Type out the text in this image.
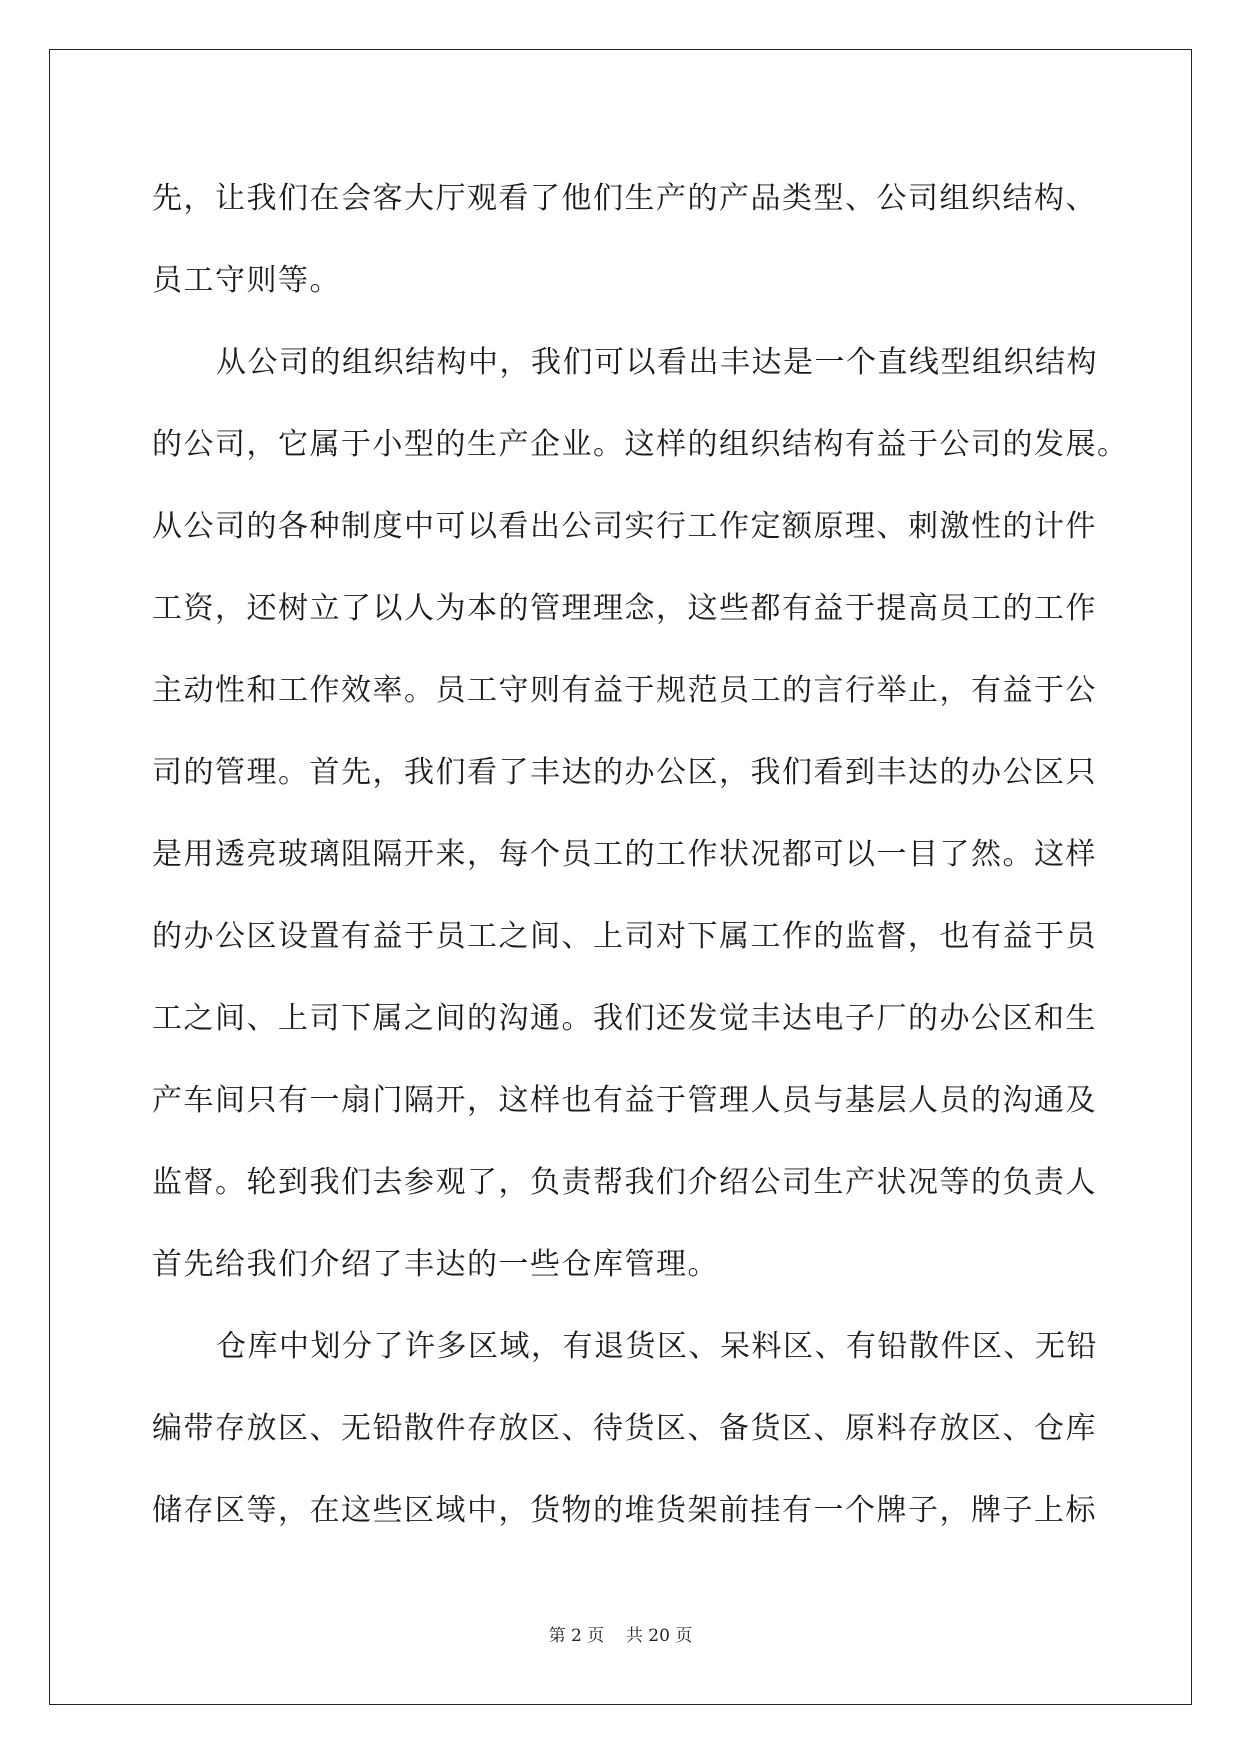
先，让我们在会客大厅观看了他们生产的产品类型、公司组织结构、

员工守则等。

从公司的组织结构中，我们可以看出丰达是一个直线型组织结构

的公司，它属于小型的生产企业。这样的组织结构有益于公司的发展。

从公司的各种制度中可以看出公司实行工作定额原理、刺激性的计件

工资，还树立了以人为本的管理理念，这些都有益于提高员工的工作

主动性和工作效率。员工守则有益于规范员工的言行举止，有益于公

司的管理。首先，我们看了丰达的办公区，我们看到丰达的办公区只

是用透亮玻璃阻隔开来，每个员工的工作状况都可以一目了然。这样

的办公区设置有益于员工之间、上司对下属工作的监督，也有益于员

工之间、上司下属之间的沟通。我们还发觉丰达电子厂的办公区和生

产车间只有一扇门隔开，这样也有益于管理人员与基层人员的沟通及

监督。轮到我们去参观了，负责帮我们介绍公司生产状况等的负责人

首先给我们介绍了丰达的一些仓库管理。

仓库中划分了许多区域，有退货区、呆料区、有铅散件区、无铅

编带存放区、无铅散件存放区、待货区、备货区、原料存放区、仓库

储存区等，在这些区域中，货物的堆货架前挂有一个牌子，牌子上标

第 2 页    共 20 页
